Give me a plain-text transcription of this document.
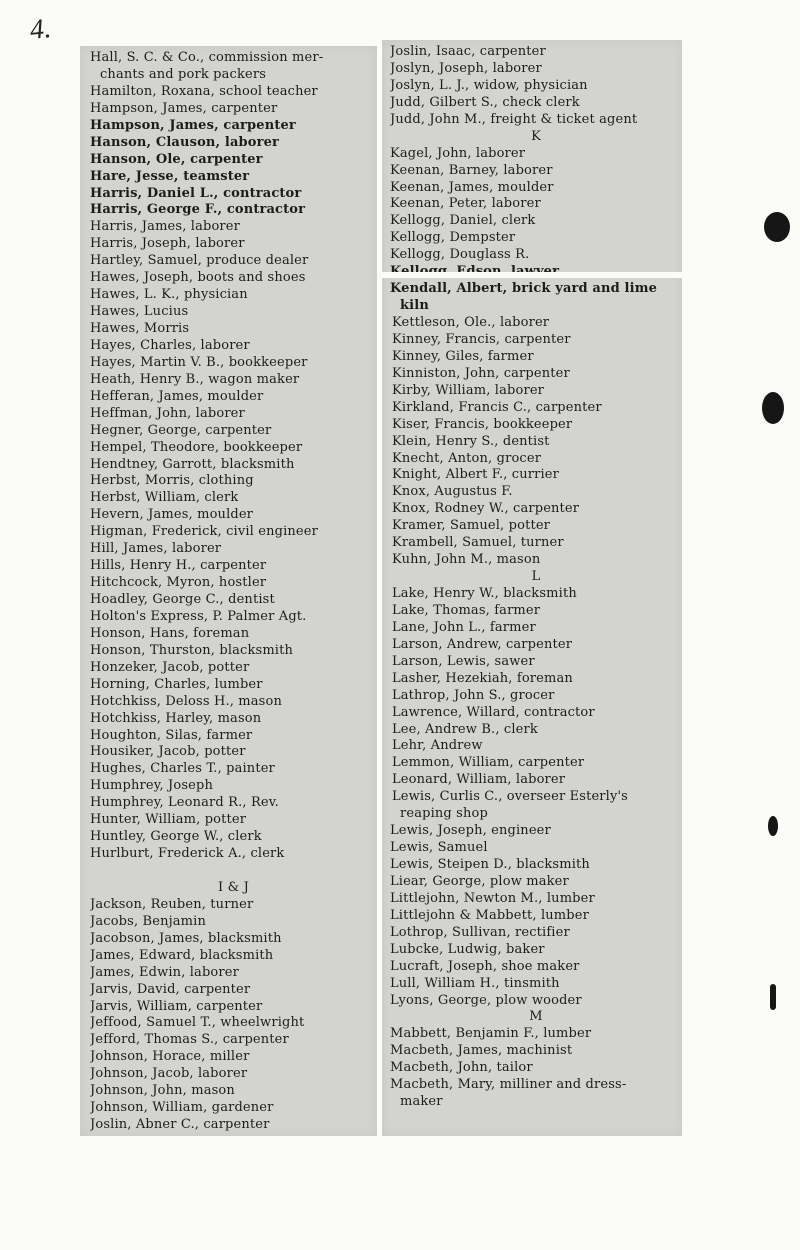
4.
Hall, S. C. & Co., commission mer-
chants and pork packers
Hamilton, Roxana, school teacher
Hampson, James, carpenter
Hampson, James, carpenter
Hanson, Clauson, laborer
Hanson, Ole, carpenter
Hare, Jesse, teamster
Harris, Daniel L., contractor
Harris, George F., contractor
Harris, James, laborer
Harris, Joseph, laborer
Hartley, Samuel, produce dealer
Hawes, Joseph, boots and shoes
Hawes, L. K., physician
Hawes, Lucius
Hawes, Morris
Hayes, Charles, laborer
Hayes, Martin V. B., bookkeeper
Heath, Henry B., wagon maker
Hefferan, James, moulder
Heffman, John, laborer
Hegner, George, carpenter
Hempel, Theodore, bookkeeper
Hendtney, Garrott, blacksmith
Herbst, Morris, clothing
Herbst, William, clerk
Hevern, James, moulder
Higman, Frederick, civil engineer
Hill, James, laborer
Hills, Henry H., carpenter
Hitchcock, Myron, hostler
Hoadley, George C., dentist
Holton's Express, P. Palmer Agt.
Honson, Hans, foreman
Honson, Thurston, blacksmith
Honzeker, Jacob, potter
Horning, Charles, lumber
Hotchkiss, Deloss H., mason
Hotchkiss, Harley, mason
Houghton, Silas, farmer
Housiker, Jacob, potter
Hughes, Charles T., painter
Humphrey, Joseph
Humphrey, Leonard R., Rev.
Hunter, William, potter
Huntley, George W., clerk
Hurlburt, Frederick A., clerk
I & J
Jackson, Reuben, turner
Jacobs, Benjamin
Jacobson, James, blacksmith
James, Edward, blacksmith
James, Edwin, laborer
Jarvis, David, carpenter
Jarvis, William, carpenter
Jeffood, Samuel T., wheelwright
Jefford, Thomas S., carpenter
Johnson, Horace, miller
Johnson, Jacob, laborer
Johnson, John, mason
Johnson, William, gardener
Joslin, Abner C., carpenter
Joslin, Isaac, carpenter
Joslyn, Joseph, laborer
Joslyn, L. J., widow, physician
Judd, Gilbert S., check clerk
Judd, John M., freight & ticket agent
K
Kagel, John, laborer
Keenan, Barney, laborer
Keenan, James, moulder
Keenan, Peter, laborer
Kellogg, Daniel, clerk
Kellogg, Dempster
Kellogg, Douglass R.
Kendall, Albert, brick yard and lime
kiln
Kettleson, Ole., laborer
Kinney, Francis, carpenter
Kinney, Giles, farmer
Kinniston, John, carpenter
Kirby, William, laborer
Kirkland, Francis C., carpenter
Kiser, Francis, bookkeeper
Klein, Henry S., dentist
Knecht, Anton, grocer
Knight, Albert F., currier
Knox, Augustus F.
Knox, Rodney W., carpenter
Kramer, Samuel, potter
Krambell, Samuel, turner
Kuhn, John M., mason
L
Lake, Henry W., blacksmith
Lake, Thomas, farmer
Lane, John L., farmer
Larson, Andrew, carpenter
Larson, Lewis, sawer
Lasher, Hezekiah, foreman
Lathrop, John S., grocer
Lawrence, Willard, contractor
Lee, Andrew B., clerk
Lehr, Andrew
Lemmon, William, carpenter
Leonard, William, laborer
Lewis, Curlis C., overseer Esterly's
reaping shop
Lewis, Joseph, engineer
Lewis, Samuel
Lewis, Steipen D., blacksmith
Liear, George, plow maker
Littlejohn, Newton M., lumber
Littlejohn & Mabbett, lumber
Lothrop, Sullivan, rectifier
Lubcke, Ludwig, baker
Lucraft, Joseph, shoe maker
Lull, William H., tinsmith
Lyons, George, plow wooder
M
Mabbett, Benjamin F., lumber
Macbeth, James, machinist
Macbeth, John, tailor
Macbeth, Mary, milliner and dress-
maker
